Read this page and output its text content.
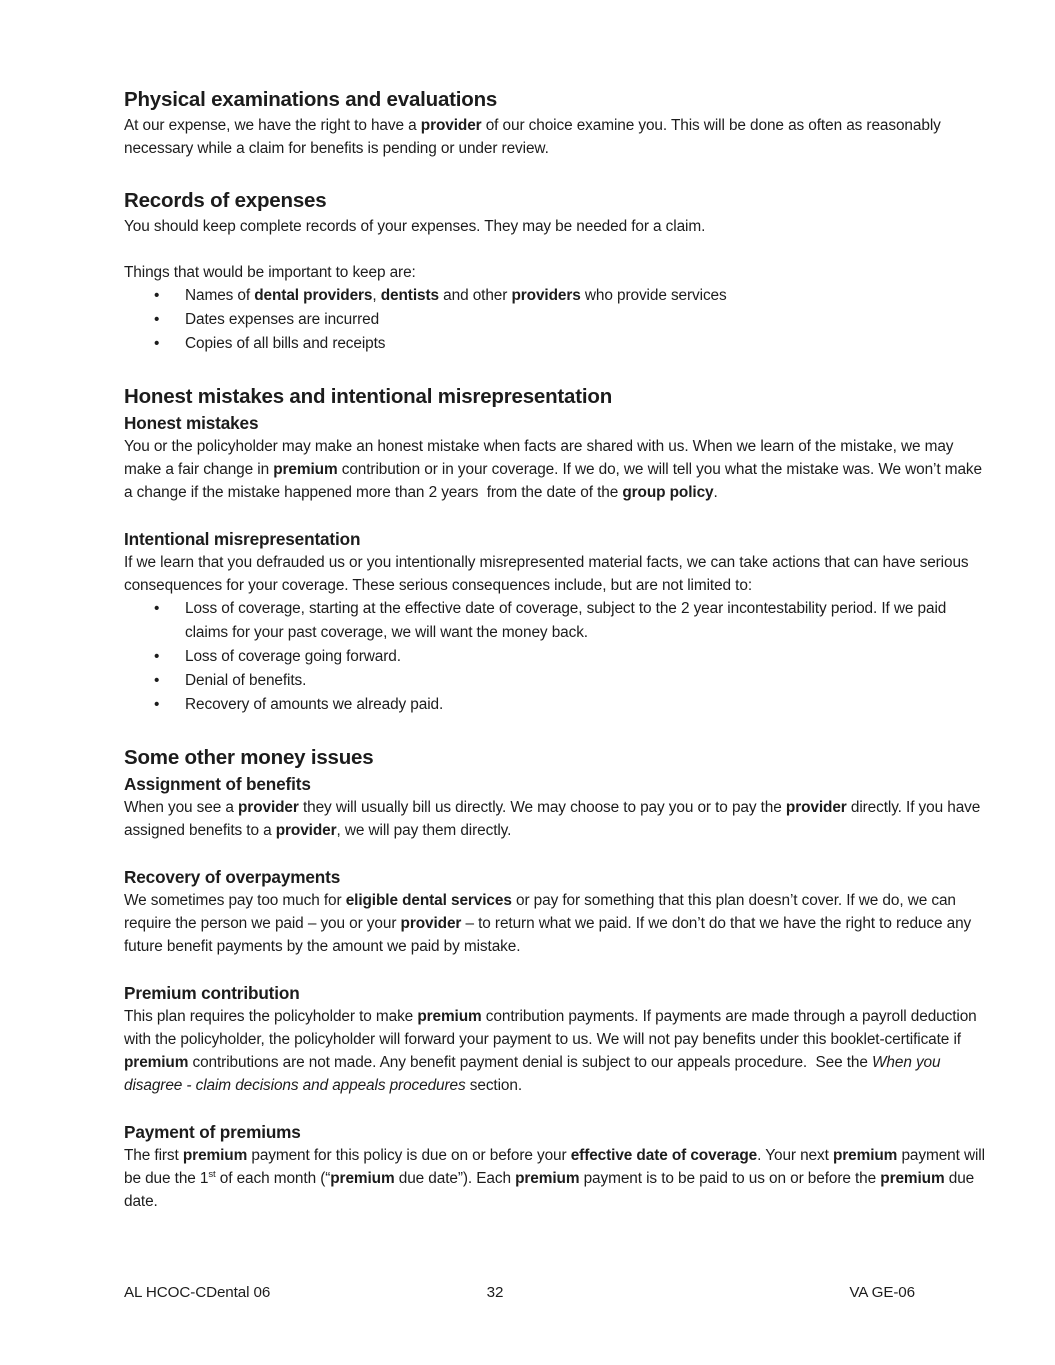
Physical examinations and evaluations
At our expense, we have the right to have a provider of our choice examine you. This will be done as often as reasonably necessary while a claim for benefits is pending or under review.
Records of expenses
You should keep complete records of your expenses. They may be needed for a claim.
Things that would be important to keep are:
• Names of dental providers, dentists and other providers who provide services
• Dates expenses are incurred
• Copies of all bills and receipts
Honest mistakes and intentional misrepresentation
Honest mistakes
You or the policyholder may make an honest mistake when facts are shared with us. When we learn of the mistake, we may make a fair change in premium contribution or in your coverage. If we do, we will tell you what the mistake was. We won’t make a change if the mistake happened more than 2 years  from the date of the group policy.
Intentional misrepresentation
If we learn that you defrauded us or you intentionally misrepresented material facts, we can take actions that can have serious consequences for your coverage. These serious consequences include, but are not limited to:
• Loss of coverage, starting at the effective date of coverage, subject to the 2 year incontestability period. If we paid claims for your past coverage, we will want the money back.
• Loss of coverage going forward.
• Denial of benefits.
• Recovery of amounts we already paid.
Some other money issues
Assignment of benefits
When you see a provider they will usually bill us directly. We may choose to pay you or to pay the provider directly. If you have assigned benefits to a provider, we will pay them directly.
Recovery of overpayments
We sometimes pay too much for eligible dental services or pay for something that this plan doesn’t cover. If we do, we can require the person we paid – you or your provider – to return what we paid. If we don’t do that we have the right to reduce any future benefit payments by the amount we paid by mistake.
Premium contribution
This plan requires the policyholder to make premium contribution payments. If payments are made through a payroll deduction with the policyholder, the policyholder will forward your payment to us. We will not pay benefits under this booklet-certificate if premium contributions are not made. Any benefit payment denial is subject to our appeals procedure.  See the When you disagree - claim decisions and appeals procedures section.
Payment of premiums
The first premium payment for this policy is due on or before your effective date of coverage. Your next premium payment will be due the 1st of each month (“premium due date”). Each premium payment is to be paid to us on or before the premium due date.
AL HCOC-CDental 06	32	VA GE-06
